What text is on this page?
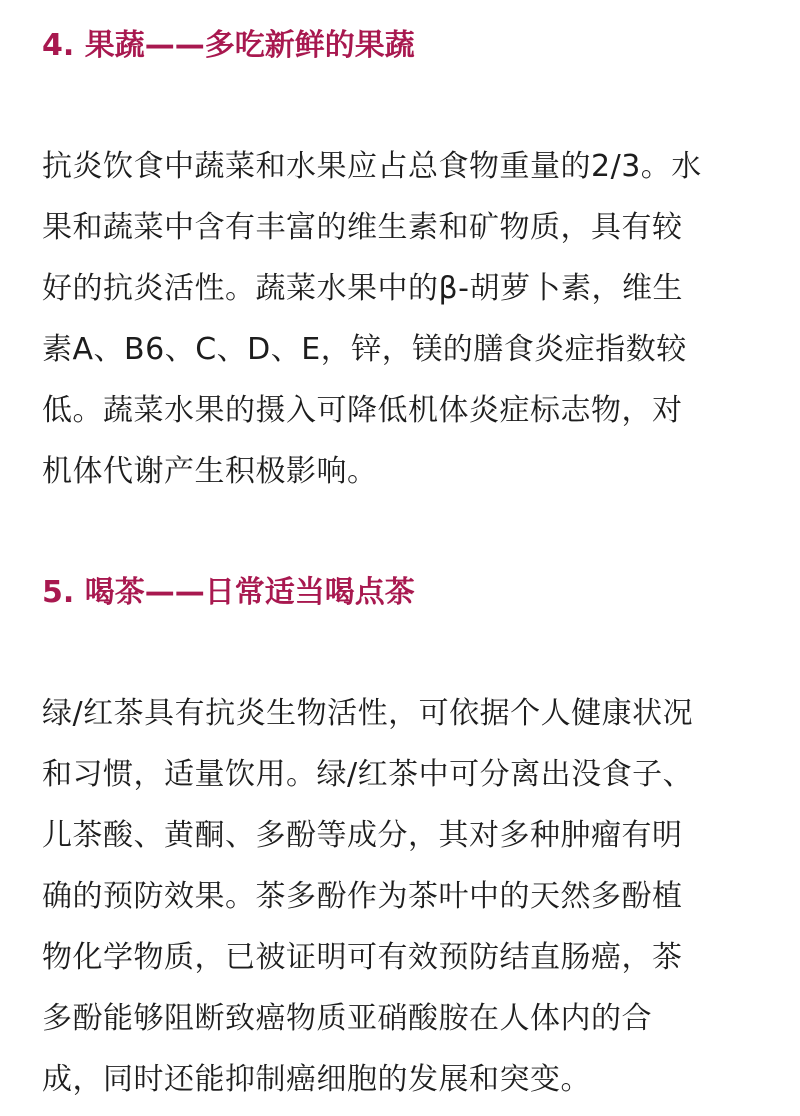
4. 果蔬——多吃新鲜的果蔬
抗炎饮食中蔬菜和水果应占总食物重量的2/3。水
果和蔬菜中含有丰富的维生素和矿物质，具有较
好的抗炎活性。蔬菜水果中的β-胡萝卜素，维生
素A、B6、C、D、E，锌，镁的膳食炎症指数较
低。蔬菜水果的摄入可降低机体炎症标志物，对
机体代谢产生积极影响。
5. 喝茶——日常适当喝点茶
绿/红茶具有抗炎生物活性，可依据个人健康状况
和习惯，适量饮用。绿/红茶中可分离出没食子、
儿茶酸、黄酮、多酚等成分，其对多种肿瘤有明
确的预防效果。茶多酚作为茶叶中的天然多酚植
物化学物质，已被证明可有效预防结直肠癌，茶
多酚能够阻断致癌物质亚硝酸胺在人体内的合
成，同时还能抑制癌细胞的发展和突变。
